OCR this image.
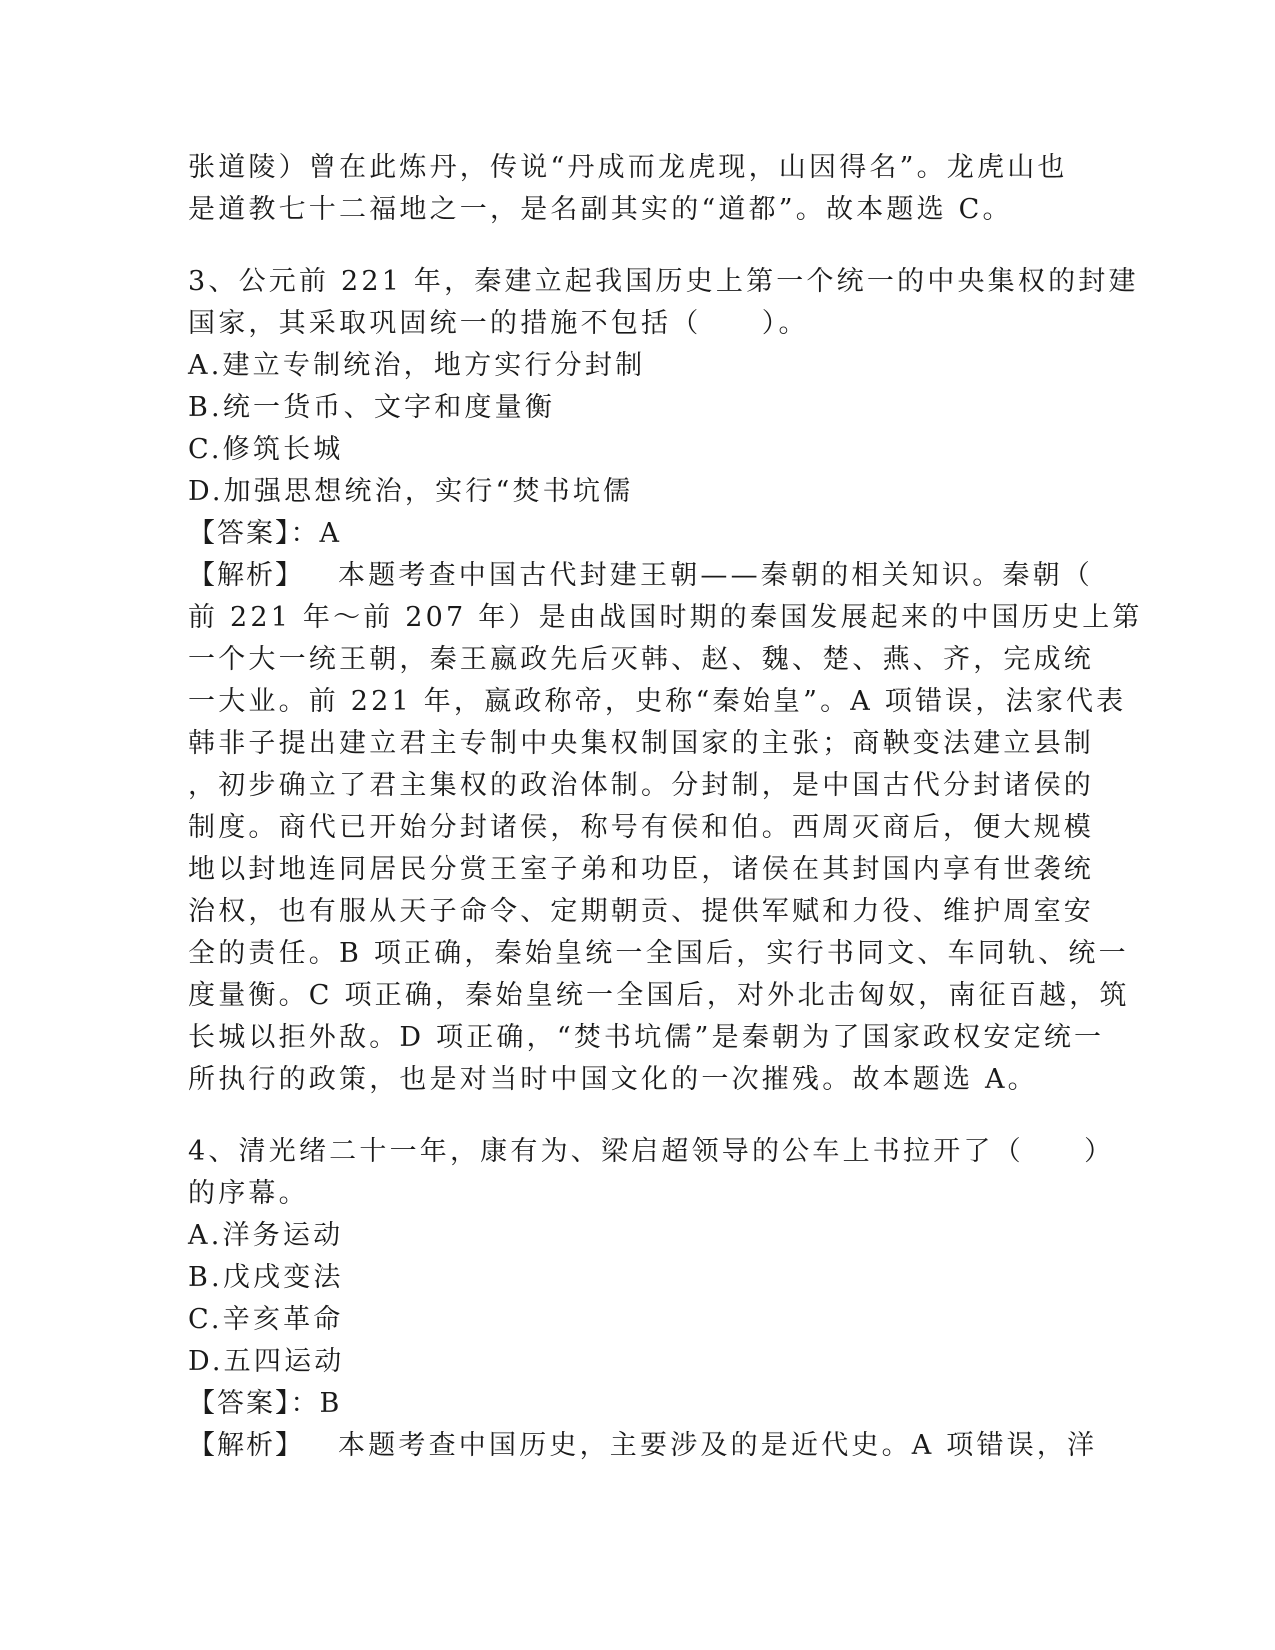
张道陵）曾在此炼丹，传说“丹成而龙虎现，山因得名”。龙虎山也
是道教七十二福地之一，是名副其实的“道都”。故本题选 C。
3、公元前 221 年，秦建立起我国历史上第一个统一的中央集权的封建
国家，其采取巩固统一的措施不包括（　　）。
A.建立专制统治，地方实行分封制
B.统一货币、文字和度量衡
C.修筑长城
D.加强思想统治，实行“焚书坑儒
【答案】：A
【解析】 本题考查中国古代封建王朝——秦朝的相关知识。秦朝（
前 221 年～前 207 年）是由战国时期的秦国发展起来的中国历史上第
一个大一统王朝，秦王嬴政先后灭韩、赵、魏、楚、燕、齐，完成统
一大业。前 221 年，嬴政称帝，史称“秦始皇”。A 项错误，法家代表
韩非子提出建立君主专制中央集权制国家的主张；商鞅变法建立县制
，初步确立了君主集权的政治体制。分封制，是中国古代分封诸侯的
制度。商代已开始分封诸侯，称号有侯和伯。西周灭商后，便大规模
地以封地连同居民分赏王室子弟和功臣，诸侯在其封国内享有世袭统
治权，也有服从天子命令、定期朝贡、提供军赋和力役、维护周室安
全的责任。B 项正确，秦始皇统一全国后，实行书同文、车同轨、统一
度量衡。C 项正确，秦始皇统一全国后，对外北击匈奴，南征百越，筑
长城以拒外敌。D 项正确，“焚书坑儒”是秦朝为了国家政权安定统一
所执行的政策，也是对当时中国文化的一次摧残。故本题选 A。
4、清光绪二十一年，康有为、梁启超领导的公车上书拉开了（　　）
的序幕。
A.洋务运动
B.戊戌变法
C.辛亥革命
D.五四运动
【答案】：B
【解析】 本题考查中国历史，主要涉及的是近代史。A 项错误，洋
